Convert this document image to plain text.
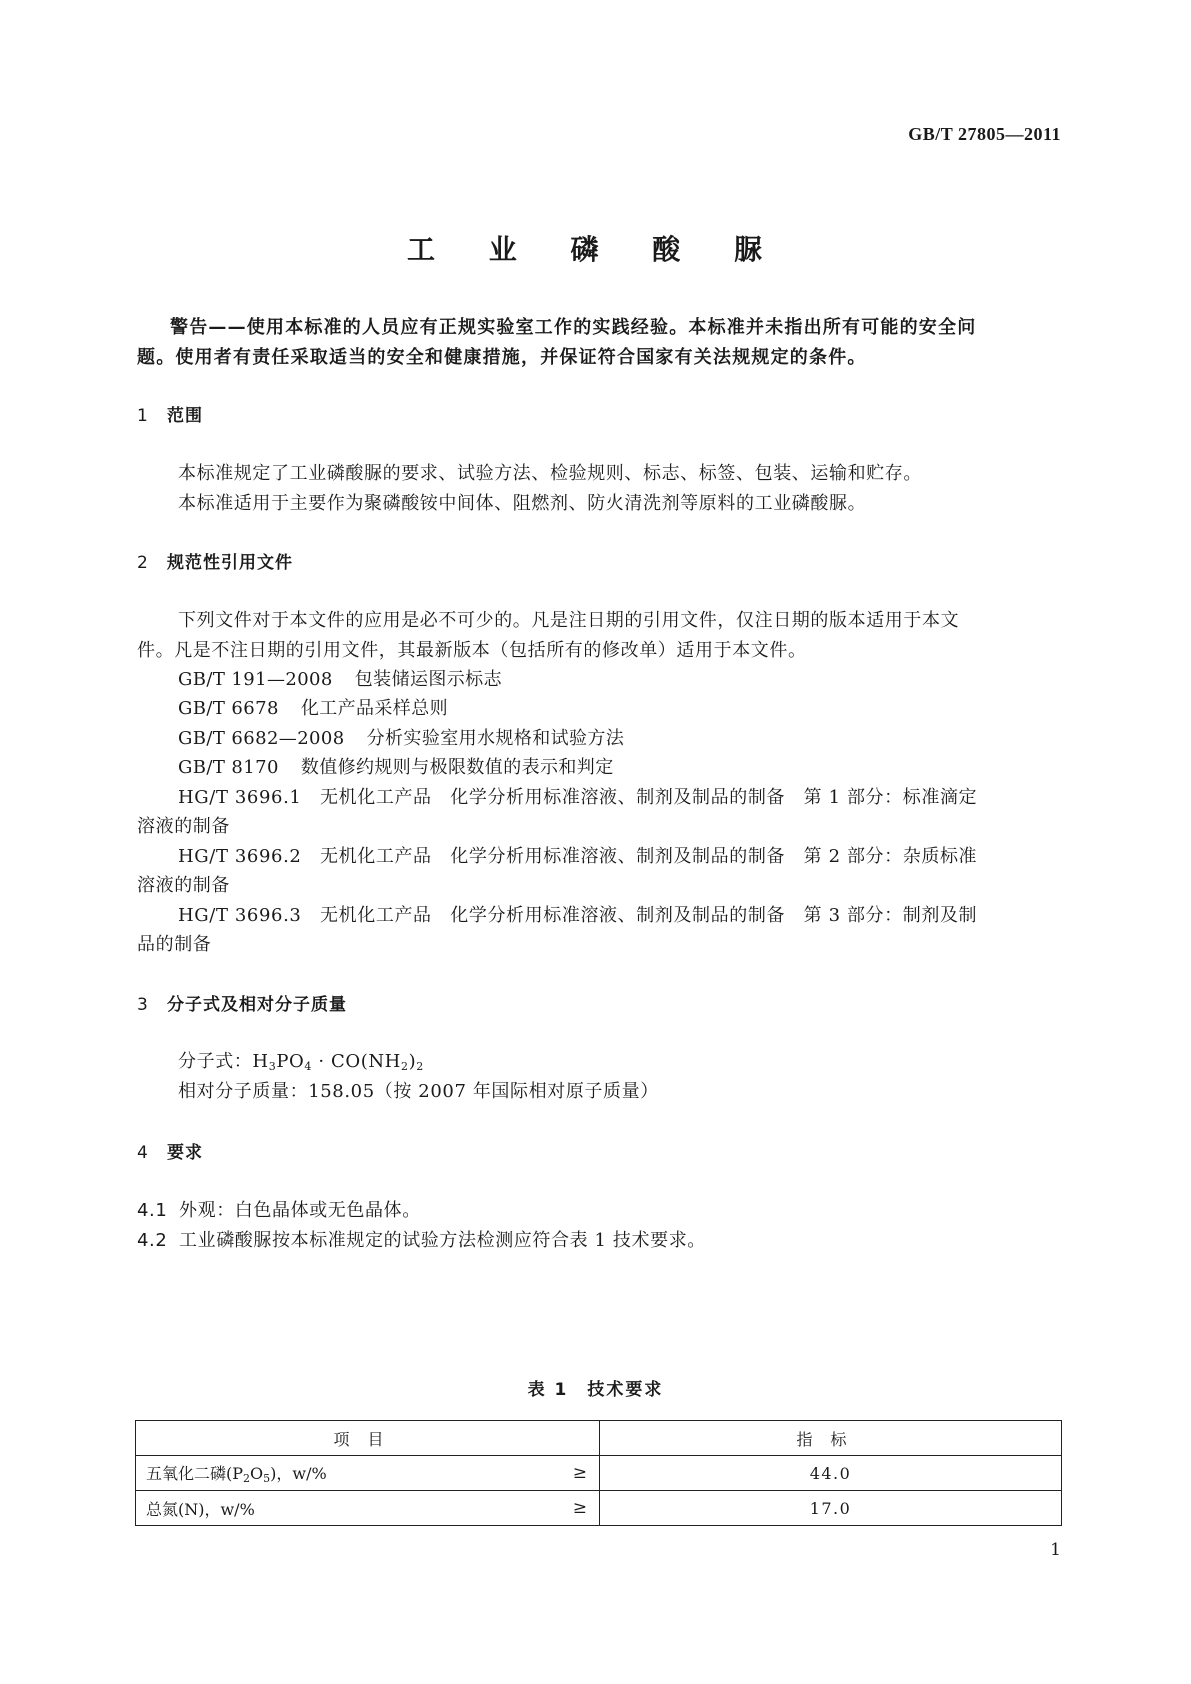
GB/T 27805—2011
工 业 磷 酸 脲
警告——使用本标准的人员应有正规实验室工作的实践经验。本标准并未指出所有可能的安全问
题。使用者有责任采取适当的安全和健康措施，并保证符合国家有关法规规定的条件。
1 范围
本标准规定了工业磷酸脲的要求、试验方法、检验规则、标志、标签、包装、运输和贮存。
本标准适用于主要作为聚磷酸铵中间体、阻燃剂、防火清洗剂等原料的工业磷酸脲。
2 规范性引用文件
下列文件对于本文件的应用是必不可少的。凡是注日期的引用文件，仅注日期的版本适用于本文
件。凡是不注日期的引用文件，其最新版本（包括所有的修改单）适用于本文件。
GB/T 191—2008 包装储运图示标志
GB/T 6678 化工产品采样总则
GB/T 6682—2008 分析实验室用水规格和试验方法
GB/T 8170 数值修约规则与极限数值的表示和判定
HG/T 3696.1　无机化工产品　化学分析用标准溶液、制剂及制品的制备　第 1 部分：标准滴定
溶液的制备
HG/T 3696.2　无机化工产品　化学分析用标准溶液、制剂及制品的制备　第 2 部分：杂质标准
溶液的制备
HG/T 3696.3　无机化工产品　化学分析用标准溶液、制剂及制品的制备　第 3 部分：制剂及制
品的制备
3 分子式及相对分子质量
分子式：$H_3PO_4 \cdot CO(NH_2)_2$
相对分子质量：158.05（按 2007 年国际相对原子质量）
4 要求
4.1 外观：白色晶体或无色晶体。
4.2 工业磷酸脲按本标准规定的试验方法检测应符合表 1 技术要求。
表 1　技术要求
项目	指标
五氧化二磷$(P_2O_5)$，w/% ≥	44.0
总氮(N)，w/% ≥	17.0
1
